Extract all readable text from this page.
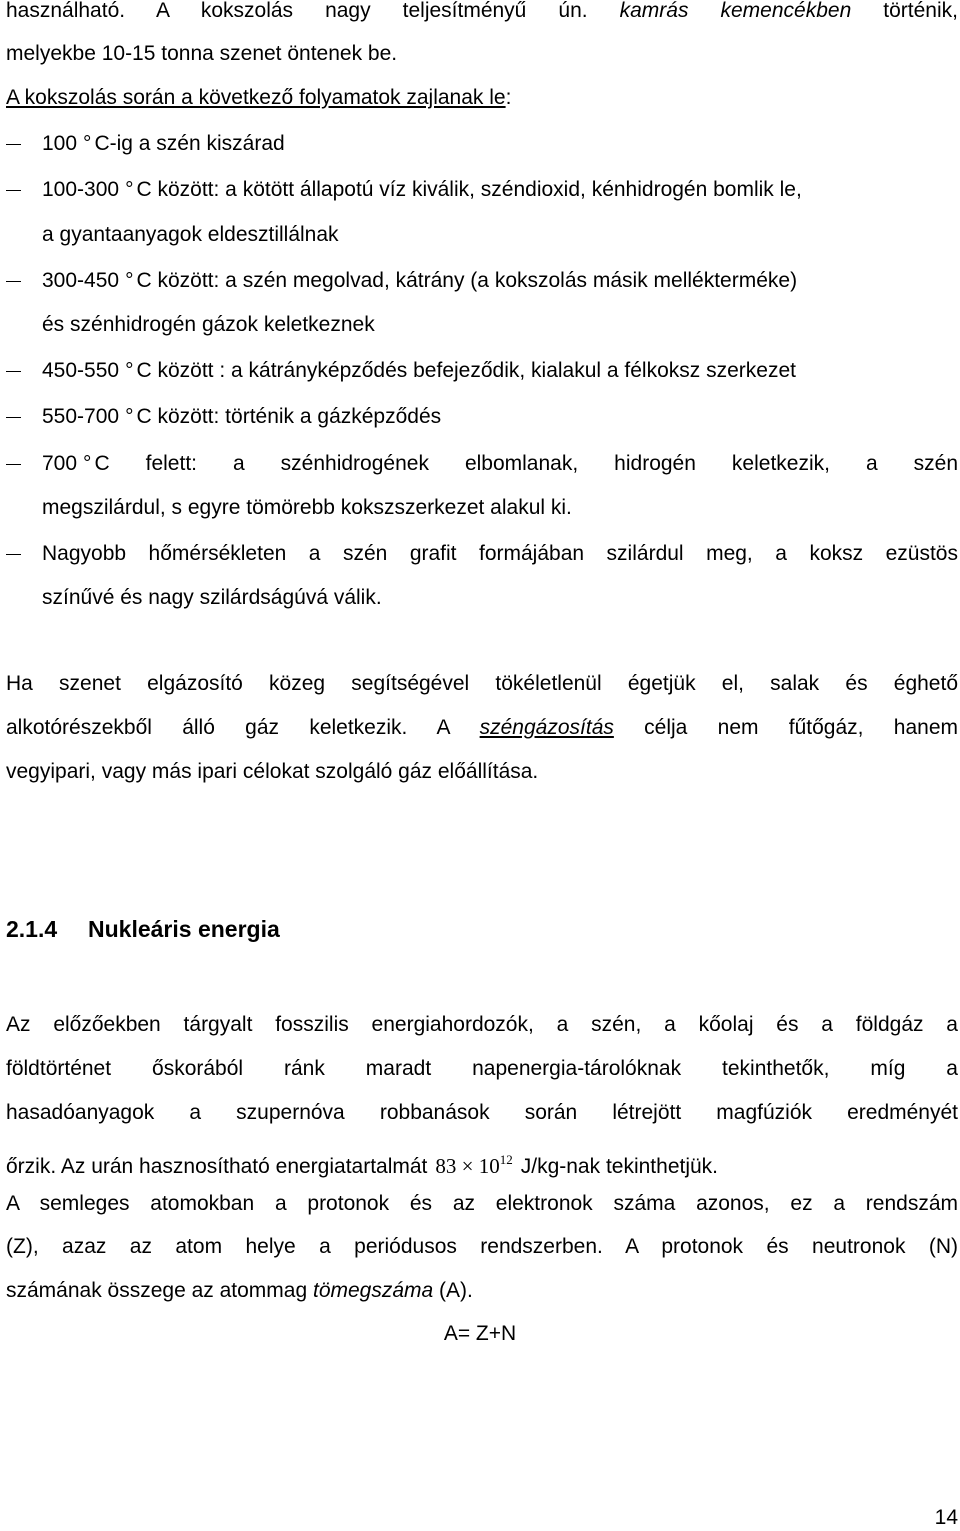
használható. A kokszolás nagy teljesítményű ún. kamrás kemencékben történik,
melyekbe 10-15 tonna szenet öntenek be.
A kokszolás során a következő folyamatok zajlanak le:
100 ° C-ig a szén kiszárad
100-300 ° C között: a kötött állapotú víz kiválik, széndioxid, kénhidrogén bomlik le,
a gyantaanyagok eldesztillálnak
300-450 ° C között: a szén megolvad, kátrány (a kokszolás másik mellékterméke)
és szénhidrogén gázok keletkeznek
450-550 ° C között : a kátrányképződés befejeződik, kialakul a félkoksz szerkezet
550-700 ° C között: történik a gázképződés
700 ° C felett: a szénhidrogének elbomlanak, hidrogén keletkezik, a szén
megszilárdul, s egyre tömörebb kokszszerkezet alakul ki.
Nagyobb hőmérsékleten a szén grafit formájában szilárdul meg, a koksz ezüstös
színűvé és nagy szilárdságúvá válik.
Ha szenet elgázosító közeg segítségével tökéletlenül égetjük el, salak és éghető
alkotórészekből álló gáz keletkezik. A széngázosítás célja nem fűtőgáz, hanem
vegyipari, vagy más ipari célokat szolgáló gáz előállítása.
2.1.4 Nukleáris energia
Az előzőekben tárgyalt fosszilis energiahordozók, a szén, a kőolaj és a földgáz a
földtörténet őskorából ránk maradt napenergia-tárolóknak tekinthetők, míg a
hasadóanyagok a szupernóva robbanások során létrejött magfúziók eredményét
őrzik. Az urán hasznosítható energiatartalmát $83 \times 10^{12}$ J/kg-nak tekinthetjük.
A semleges atomokban a protonok és az elektronok száma azonos, ez a rendszám
(Z), azaz az atom helye a periódusos rendszerben. A protonok és neutronok (N)
számának összege az atommag tömegszáma (A).
A= Z+N
14
